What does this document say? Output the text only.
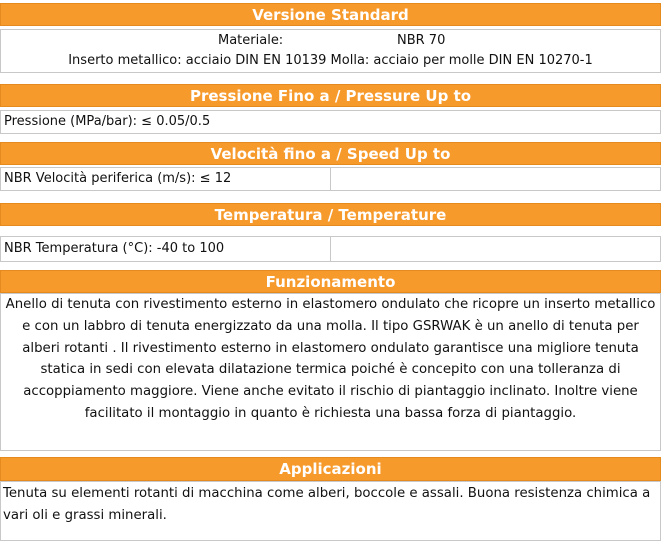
Versione Standard
Materiale:	NBR 70
Inserto metallico: acciaio DIN EN 10139 Molla: acciaio per molle DIN EN 10270-1
Pressione Fino a / Pressure Up to
Pressione (MPa/bar): ≤ 0.05/0.5
Velocità fino a / Speed Up to
NBR Velocità periferica (m/s): ≤ 12
Temperatura / Temperature
NBR Temperatura (°C): -40 to 100
Funzionamento
Anello di tenuta con rivestimento esterno in elastomero ondulato che ricopre un inserto metallico e con un labbro di tenuta energizzato da una molla. Il tipo GSRWAK è un anello di tenuta per alberi rotanti . Il rivestimento esterno in elastomero ondulato garantisce una migliore tenuta statica in sedi con elevata dilatazione termica poiché è concepito con una tolleranza di accoppiamento maggiore. Viene anche evitato il rischio di piantaggio inclinato. Inoltre viene facilitato il montaggio in quanto è richiesta una bassa forza di piantaggio.
Applicazioni
Tenuta su elementi rotanti di macchina come alberi, boccole e assali. Buona resistenza chimica a vari oli e grassi minerali.
